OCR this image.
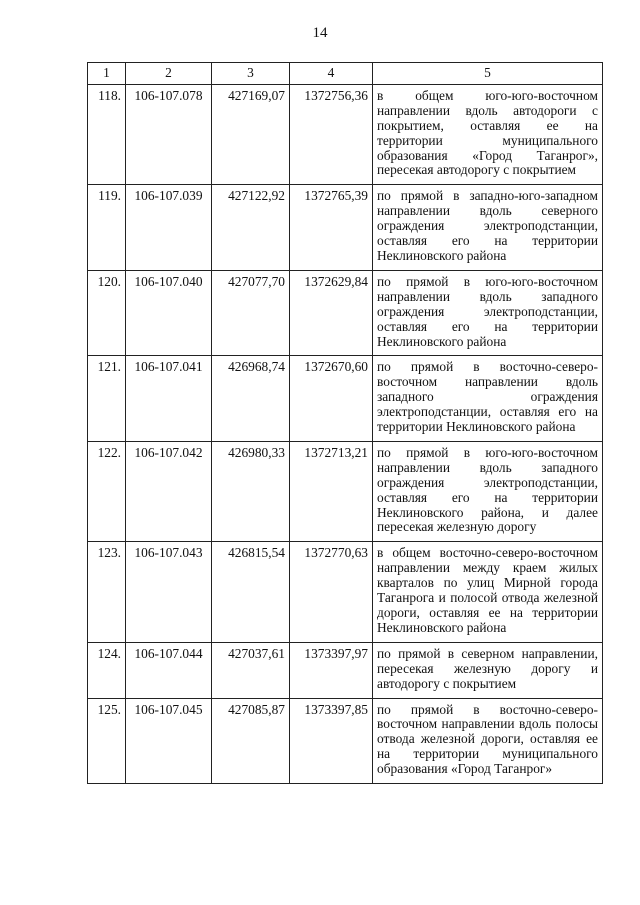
14
1	2	3	4	5
118.	106-107.078	427169,07	1372756,36	в общем юго-юго-восточном направлении вдоль автодороги с покрытием, оставляя ее на территории муниципального образования «Город Таганрог», пересекая автодорогу с покрытием
119.	106-107.039	427122,92	1372765,39	по прямой в западно-юго-западном направлении вдоль северного ограждения электроподстанции, оставляя его на территории Неклиновского района
120.	106-107.040	427077,70	1372629,84	по прямой в юго-юго-восточном направлении вдоль западного ограждения электроподстанции, оставляя его на территории Неклиновского района
121.	106-107.041	426968,74	1372670,60	по прямой в восточно-северо-восточном направлении вдоль западного ограждения электроподстанции, оставляя его на территории Неклиновского района
122.	106-107.042	426980,33	1372713,21	по прямой в юго-юго-восточном направлении вдоль западного ограждения электроподстанции, оставляя его на территории Неклиновского района, и далее пересекая железную дорогу
123.	106-107.043	426815,54	1372770,63	в общем восточно-северо-восточном направлении между краем жилых кварталов по улиц Мирной города Таганрога и полосой отвода железной дороги, оставляя ее на территории Неклиновского района
124.	106-107.044	427037,61	1373397,97	по прямой в северном направлении, пересекая железную дорогу и автодорогу с покрытием
125.	106-107.045	427085,87	1373397,85	по прямой в восточно-северо-восточном направлении вдоль полосы отвода железной дороги, оставляя ее на территории муниципального образования «Город Таганрог»
